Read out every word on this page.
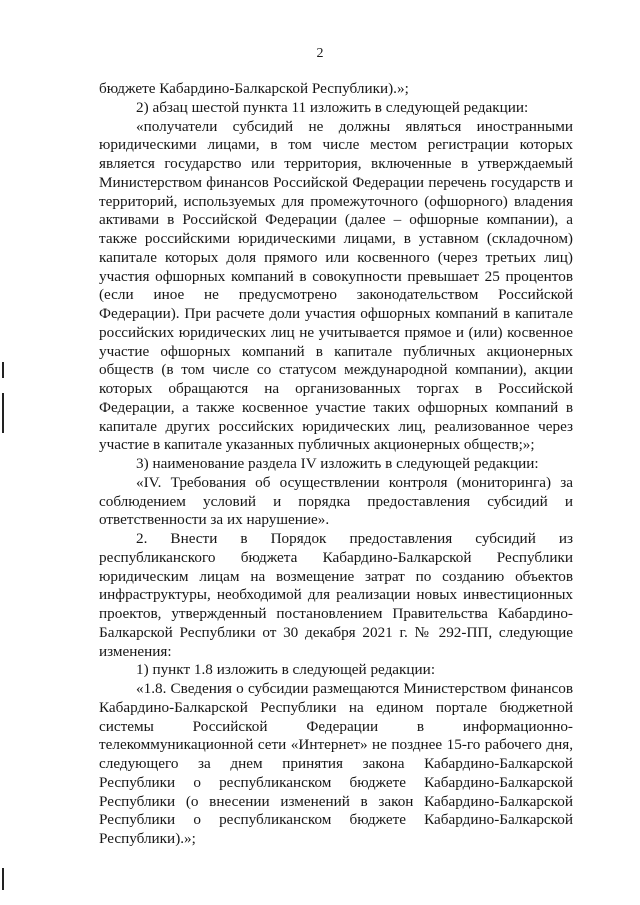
2

бюджете Кабардино-Балкарской Республики).»;

2) абзац шестой пункта 11 изложить в следующей редакции:

«получатели субсидий не должны являться иностранными юридическими лицами, в том числе местом регистрации которых является государство или территория, включенные в утверждаемый Министерством финансов Российской Федерации перечень государств и территорий, используемых для промежуточного (офшорного) владения активами в Российской Федерации (далее – офшорные компании), а также российскими юридическими лицами, в уставном (складочном) капитале которых доля прямого или косвенного (через третьих лиц) участия офшорных компаний в совокупности превышает 25 процентов (если иное не предусмотрено законодательством Российской Федерации). При расчете доли участия офшорных компаний в капитале российских юридических лиц не учитывается прямое и (или) косвенное участие офшорных компаний в капитале публичных акционерных обществ (в том числе со статусом международной компании), акции которых обращаются на организованных торгах в Российской Федерации, а также косвенное участие таких офшорных компаний в капитале других российских юридических лиц, реализованное через участие в капитале указанных публичных акционерных обществ;»;

3) наименование раздела IV изложить в следующей редакции:

«IV. Требования об осуществлении контроля (мониторинга) за соблюдением условий и порядка предоставления субсидий и ответственности за их нарушение».

2. Внести в Порядок предоставления субсидий из республиканского бюджета Кабардино-Балкарской Республики юридическим лицам на возмещение затрат по созданию объектов инфраструктуры, необходимой для реализации новых инвестиционных проектов, утвержденный постановлением Правительства Кабардино-Балкарской Республики от 30 декабря 2021 г. № 292-ПП, следующие изменения:

1) пункт 1.8 изложить в следующей редакции:

«1.8. Сведения о субсидии размещаются Министерством финансов Кабардино-Балкарской Республики на едином портале бюджетной системы Российской Федерации в информационно-телекоммуникационной сети «Интернет» не позднее 15-го рабочего дня, следующего за днем принятия закона Кабардино-Балкарской Республики о республиканском бюджете Кабардино-Балкарской Республики (о внесении изменений в закон Кабардино-Балкарской Республики о республиканском бюджете Кабардино-Балкарской Республики).»;
